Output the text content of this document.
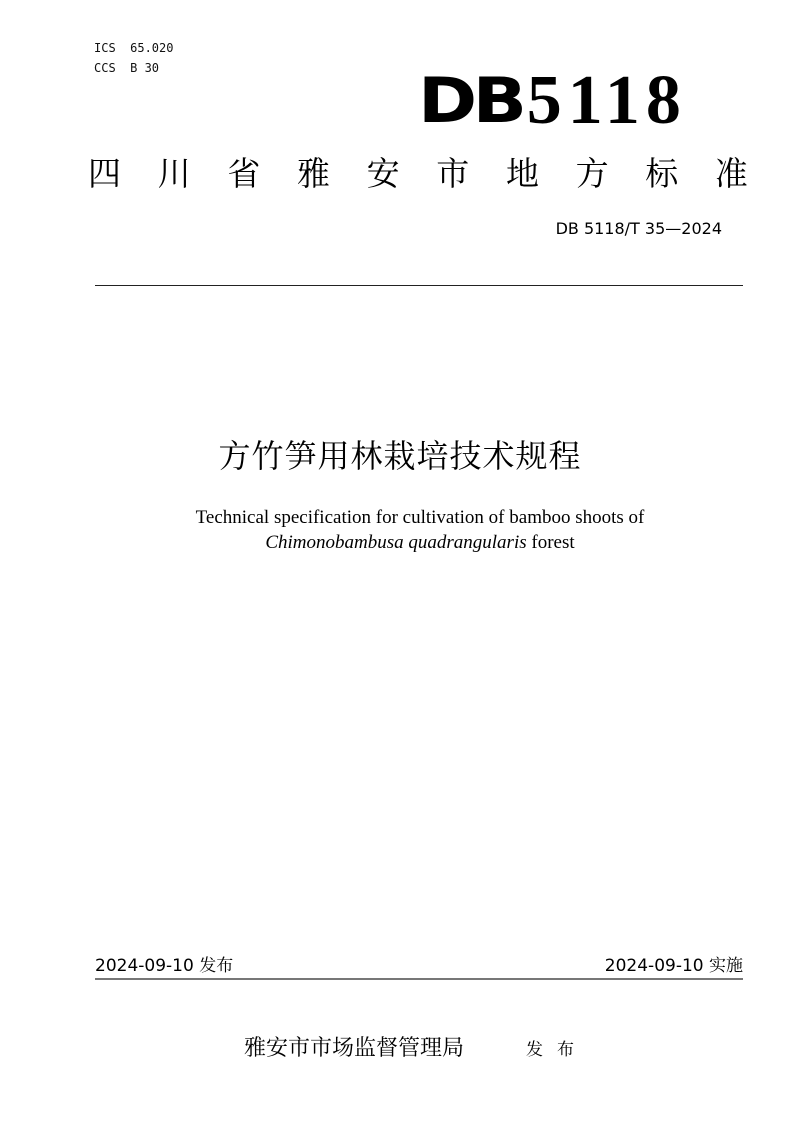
ICS  65.020
CCS  B 30	DB 5118
四 川 省 雅 安 市 地 方 标 准
DB 5118/T 35—2024
方竹笋用林栽培技术规程
Technical specification for cultivation of bamboo shoots of
Chimonobambusa quadrangularis forest
2024-09-10 发布	2024-09-10 实施
雅安市市场监督管理局	发布
